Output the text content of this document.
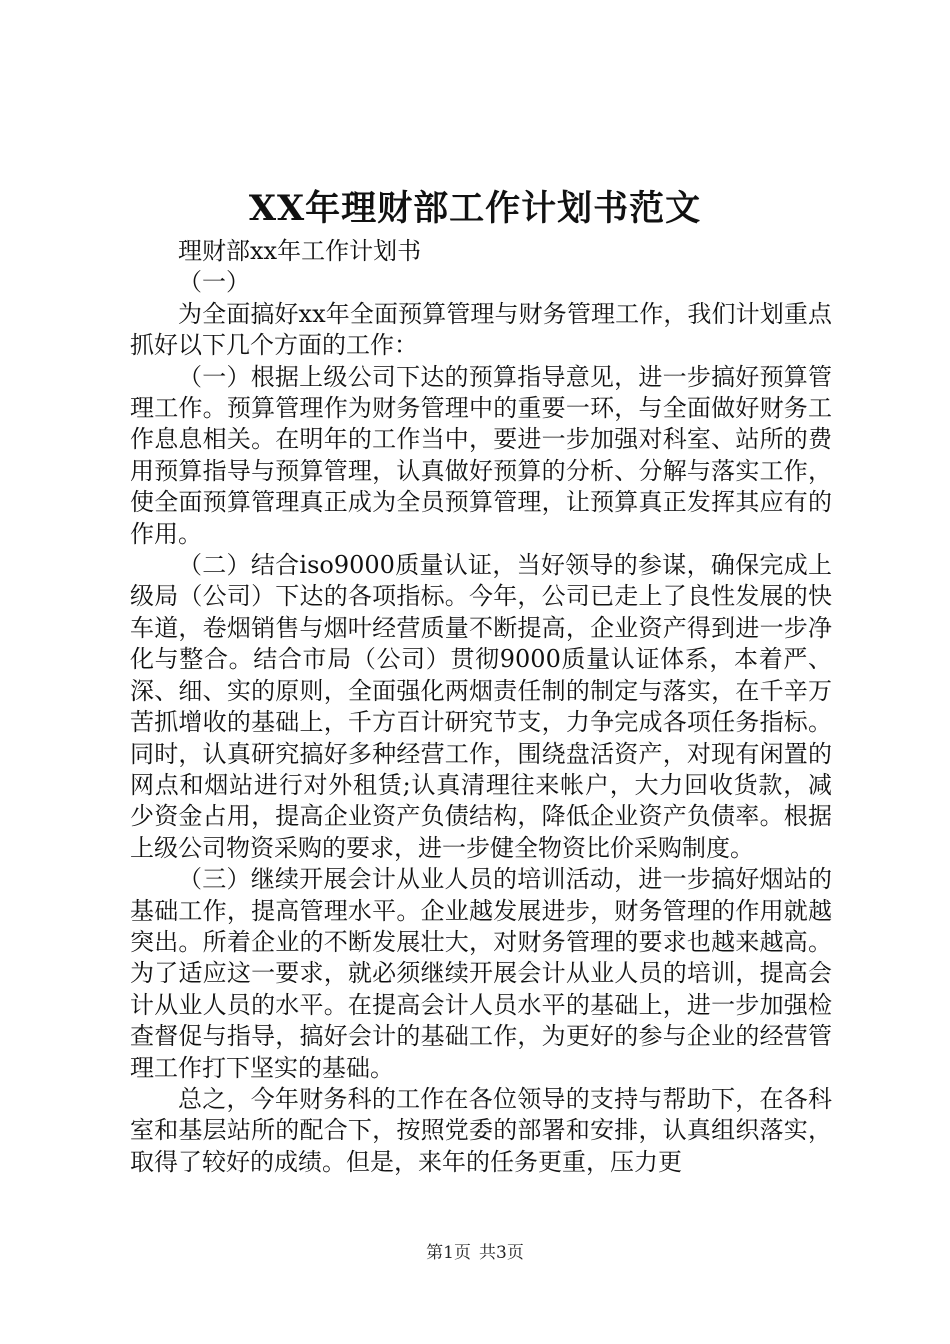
XX年理财部工作计划书范文

理财部xx年工作计划书

（一）

为全面搞好xx年全面预算管理与财务管理工作，我们计划重点抓好以下几个方面的工作：

（一）根据上级公司下达的预算指导意见，进一步搞好预算管理工作。预算管理作为财务管理中的重要一环，与全面做好财务工作息息相关。在明年的工作当中，要进一步加强对科室、站所的费用预算指导与预算管理，认真做好预算的分析、分解与落实工作，使全面预算管理真正成为全员预算管理，让预算真正发挥其应有的作用。

（二）结合iso9000质量认证，当好领导的参谋，确保完成上级局（公司）下达的各项指标。今年，公司已走上了良性发展的快车道，卷烟销售与烟叶经营质量不断提高，企业资产得到进一步净化与整合。结合市局（公司）贯彻9000质量认证体系，本着严、深、细、实的原则，全面强化两烟责任制的制定与落实，在千辛万苦抓增收的基础上，千方百计研究节支，力争完成各项任务指标。同时，认真研究搞好多种经营工作，围绕盘活资产，对现有闲置的网点和烟站进行对外租赁;认真清理往来帐户，大力回收货款，减少资金占用，提高企业资产负债结构，降低企业资产负债率。根据上级公司物资采购的要求，进一步健全物资比价采购制度。

（三）继续开展会计从业人员的培训活动，进一步搞好烟站的基础工作，提高管理水平。企业越发展进步，财务管理的作用就越突出。所着企业的不断发展壮大，对财务管理的要求也越来越高。为了适应这一要求，就必须继续开展会计从业人员的培训，提高会计从业人员的水平。在提高会计人员水平的基础上，进一步加强检查督促与指导，搞好会计的基础工作，为更好的参与企业的经营管理工作打下坚实的基础。

总之，今年财务科的工作在各位领导的支持与帮助下，在各科室和基层站所的配合下，按照党委的部署和安排，认真组织落实，取得了较好的成绩。但是，来年的任务更重，压力更

第1页 共3页
